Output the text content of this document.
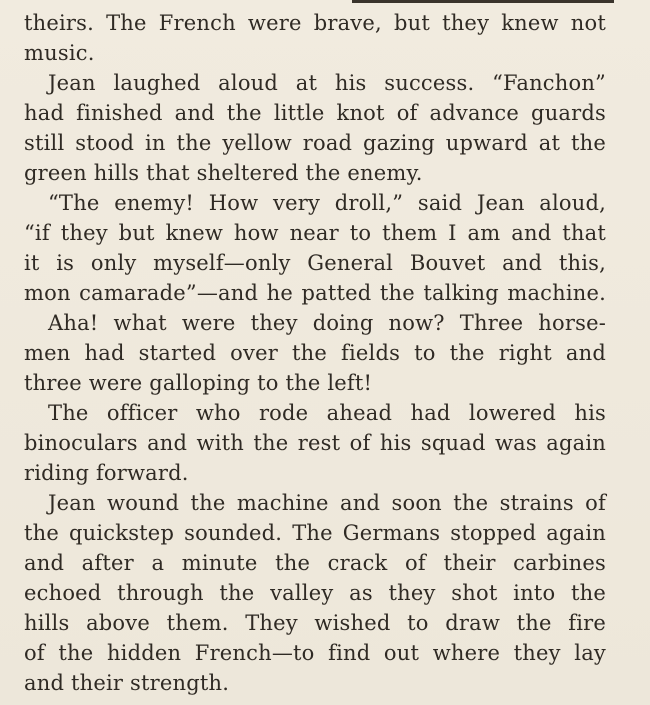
theirs. The French were brave, but they knew not
music.
Jean laughed aloud at his success. “Fanchon”
had finished and the little knot of advance guards
still stood in the yellow road gazing upward at the
green hills that sheltered the enemy.
“The enemy! How very droll,” said Jean aloud,
“if they but knew how near to them I am and that
it is only myself—only General Bouvet and this,
mon camarade”—and he patted the talking machine.
Aha! what were they doing now? Three horse-
men had started over the fields to the right and
three were galloping to the left!
The officer who rode ahead had lowered his
binoculars and with the rest of his squad was again
riding forward.
Jean wound the machine and soon the strains of
the quickstep sounded. The Germans stopped again
and after a minute the crack of their carbines
echoed through the valley as they shot into the
hills above them. They wished to draw the fire
of the hidden French—to find out where they lay
and their strength.
